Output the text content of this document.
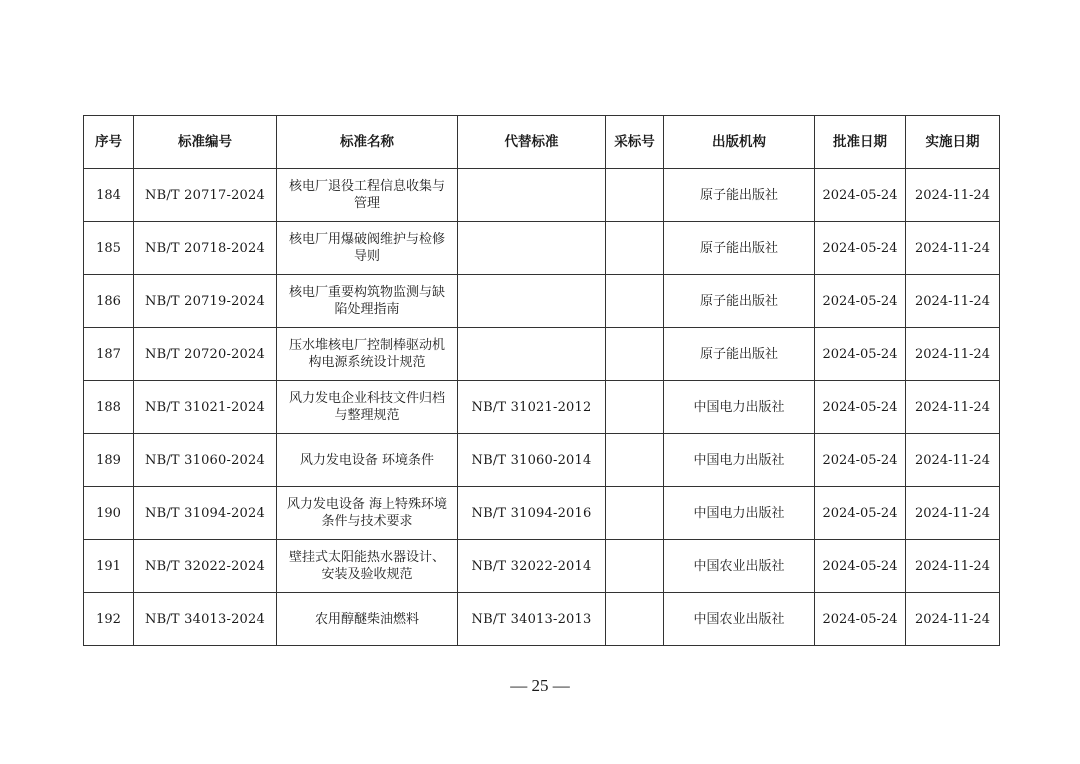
序号	标准编号	标准名称	代替标准	采标号	出版机构	批准日期	实施日期
184	NB/T 20717-2024	核电厂退役工程信息收集与管理			原子能出版社	2024-05-24	2024-11-24
185	NB/T 20718-2024	核电厂用爆破阀维护与检修导则			原子能出版社	2024-05-24	2024-11-24
186	NB/T 20719-2024	核电厂重要构筑物监测与缺陷处理指南			原子能出版社	2024-05-24	2024-11-24
187	NB/T 20720-2024	压水堆核电厂控制棒驱动机构电源系统设计规范			原子能出版社	2024-05-24	2024-11-24
188	NB/T 31021-2024	风力发电企业科技文件归档与整理规范	NB/T 31021-2012		中国电力出版社	2024-05-24	2024-11-24
189	NB/T 31060-2024	风力发电设备 环境条件	NB/T 31060-2014		中国电力出版社	2024-05-24	2024-11-24
190	NB/T 31094-2024	风力发电设备 海上特殊环境条件与技术要求	NB/T 31094-2016		中国电力出版社	2024-05-24	2024-11-24
191	NB/T 32022-2024	壁挂式太阳能热水器设计、安装及验收规范	NB/T 32022-2014		中国农业出版社	2024-05-24	2024-11-24
192	NB/T 34013-2024	农用醇醚柴油燃料	NB/T 34013-2013		中国农业出版社	2024-05-24	2024-11-24
— 25 —
